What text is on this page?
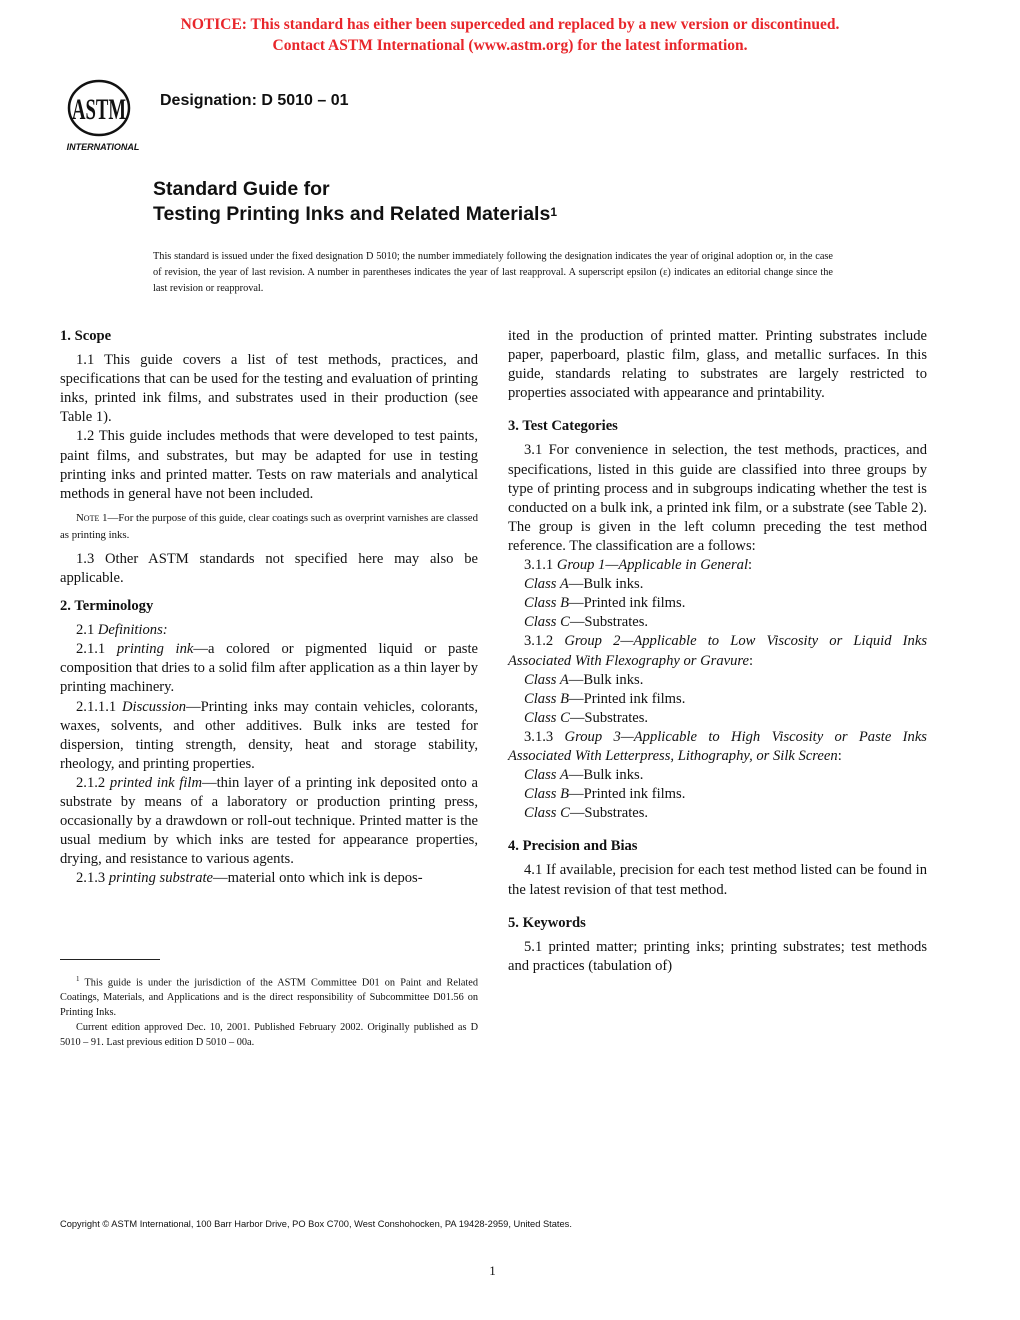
NOTICE: This standard has either been superceded and replaced by a new version or discontinued.
Contact ASTM International (www.astm.org) for the latest information.
ASTM
INTERNATIONAL
Designation: D 5010 – 01
Standard Guide for
Testing Printing Inks and Related Materials$^1$
This standard is issued under the fixed designation D 5010; the number immediately following the designation indicates the year of original adoption or, in the case of revision, the year of last revision. A number in parentheses indicates the year of last reapproval. A superscript epsilon (ε) indicates an editorial change since the last revision or reapproval.
1. Scope

1.1 This guide covers a list of test methods, practices, and specifications that can be used for the testing and evaluation of printing inks, printed ink films, and substrates used in their production (see Table 1).

1.2 This guide includes methods that were developed to test paints, paint films, and substrates, but may be adapted for use in testing printing inks and printed matter. Tests on raw materials and analytical methods in general have not been included.

Note 1—For the purpose of this guide, clear coatings such as overprint varnishes are classed as printing inks.

1.3 Other ASTM standards not specified here may also be applicable.

2. Terminology

2.1 Definitions:

2.1.1 printing ink—a colored or pigmented liquid or paste composition that dries to a solid film after application as a thin layer by printing machinery.

2.1.1.1 Discussion—Printing inks may contain vehicles, colorants, waxes, solvents, and other additives. Bulk inks are tested for dispersion, tinting strength, density, heat and storage stability, rheology, and printing properties.

2.1.2 printed ink film—thin layer of a printing ink deposited onto a substrate by means of a laboratory or production printing press, occasionally by a drawdown or roll-out technique. Printed matter is the usual medium by which inks are tested for appearance properties, drying, and resistance to various agents.

2.1.3 printing substrate—material onto which ink is depos-

ited in the production of printed matter. Printing substrates include paper, paperboard, plastic film, glass, and metallic surfaces. In this guide, standards relating to substrates are largely restricted to properties associated with appearance and printability.

3. Test Categories

3.1 For convenience in selection, the test methods, practices, and specifications, listed in this guide are classified into three groups by type of printing process and in subgroups indicating whether the test is conducted on a bulk ink, a printed ink film, or a substrate (see Table 2). The group is given in the left column preceding the test method reference. The classification are a follows:

3.1.1 Group 1—Applicable in General:

Class A—Bulk inks.

Class B—Printed ink films.

Class C—Substrates.

3.1.2 Group 2—Applicable to Low Viscosity or Liquid Inks Associated With Flexography or Gravure:

Class A—Bulk inks.

Class B—Printed ink films.

Class C—Substrates.

3.1.3 Group 3—Applicable to High Viscosity or Paste Inks Associated With Letterpress, Lithography, or Silk Screen:

Class A—Bulk inks.

Class B—Printed ink films.

Class C—Substrates.

4. Precision and Bias

4.1 If available, precision for each test method listed can be found in the latest revision of that test method.

5. Keywords

5.1 printed matter; printing inks; printing substrates; test methods and practices (tabulation of)

$^1$ This guide is under the jurisdiction of the ASTM Committee D01 on Paint and Related Coatings, Materials, and Applications and is the direct responsibility of Subcommittee D01.56 on Printing Inks.

Current edition approved Dec. 10, 2001. Published February 2002. Originally published as D 5010 – 91. Last previous edition D 5010 – 00a.

Copyright © ASTM International, 100 Barr Harbor Drive, PO Box C700, West Conshohocken, PA 19428-2959, United States.
1
